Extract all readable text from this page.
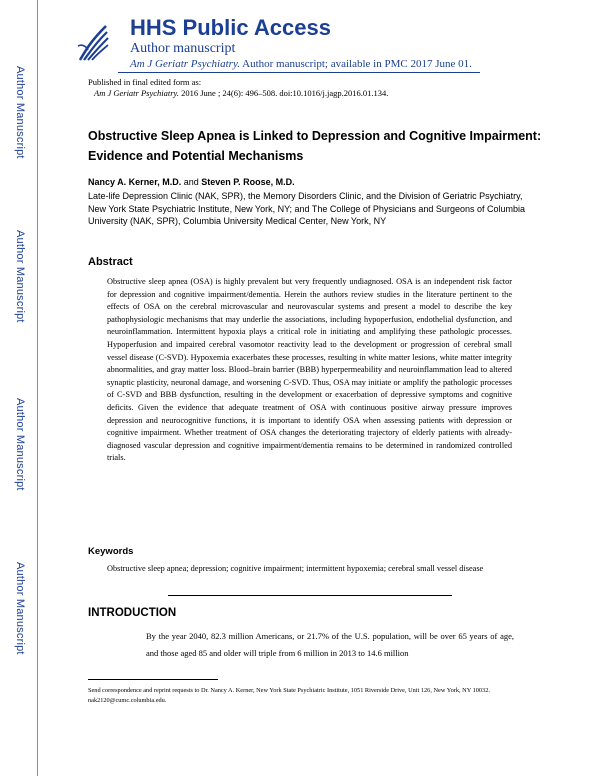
Author Manuscript
Author Manuscript
Author Manuscript
Author Manuscript
HHS Public Access
Author manuscript
Am J Geriatr Psychiatry. Author manuscript; available in PMC 2017 June 01.
Published in final edited form as:
Am J Geriatr Psychiatry. 2016 June ; 24(6): 496–508. doi:10.1016/j.jagp.2016.01.134.
Obstructive Sleep Apnea is Linked to Depression and Cognitive Impairment: Evidence and Potential Mechanisms
Nancy A. Kerner, M.D. and Steven P. Roose, M.D.
Late-life Depression Clinic (NAK, SPR), the Memory Disorders Clinic, and the Division of Geriatric Psychiatry, New York State Psychiatric Institute, New York, NY; and The College of Physicians and Surgeons of Columbia University (NAK, SPR), Columbia University Medical Center, New York, NY
Abstract
Obstructive sleep apnea (OSA) is highly prevalent but very frequently undiagnosed. OSA is an independent risk factor for depression and cognitive impairment/dementia. Herein the authors review studies in the literature pertinent to the effects of OSA on the cerebral microvascular and neurovascular systems and present a model to describe the key pathophysiologic mechanisms that may underlie the associations, including hypoperfusion, endothelial dysfunction, and neuroinflammation. Intermittent hypoxia plays a critical role in initiating and amplifying these pathologic processes. Hypoperfusion and impaired cerebral vasomotor reactivity lead to the development or progression of cerebral small vessel disease (C-SVD). Hypoxemia exacerbates these processes, resulting in white matter lesions, white matter integrity abnormalities, and gray matter loss. Blood–brain barrier (BBB) hyperpermeability and neuroinflammation lead to altered synaptic plasticity, neuronal damage, and worsening C-SVD. Thus, OSA may initiate or amplify the pathologic processes of C-SVD and BBB dysfunction, resulting in the development or exacerbation of depressive symptoms and cognitive deficits. Given the evidence that adequate treatment of OSA with continuous positive airway pressure improves depression and neurocognitive functions, it is important to identify OSA when assessing patients with depression or cognitive impairment. Whether treatment of OSA changes the deteriorating trajectory of elderly patients with already-diagnosed vascular depression and cognitive impairment/dementia remains to be determined in randomized controlled trials.
Keywords
Obstructive sleep apnea; depression; cognitive impairment; intermittent hypoxemia; cerebral small vessel disease
INTRODUCTION
By the year 2040, 82.3 million Americans, or 21.7% of the U.S. population, will be over 65 years of age, and those aged 85 and older will triple from 6 million in 2013 to 14.6 million
Send correspondence and reprint requests to Dr. Nancy A. Kerner, New York State Psychiatric Institute, 1051 Riverside Drive, Unit 126, New York, NY 10032. nak2120@cumc.columbia.edu.
